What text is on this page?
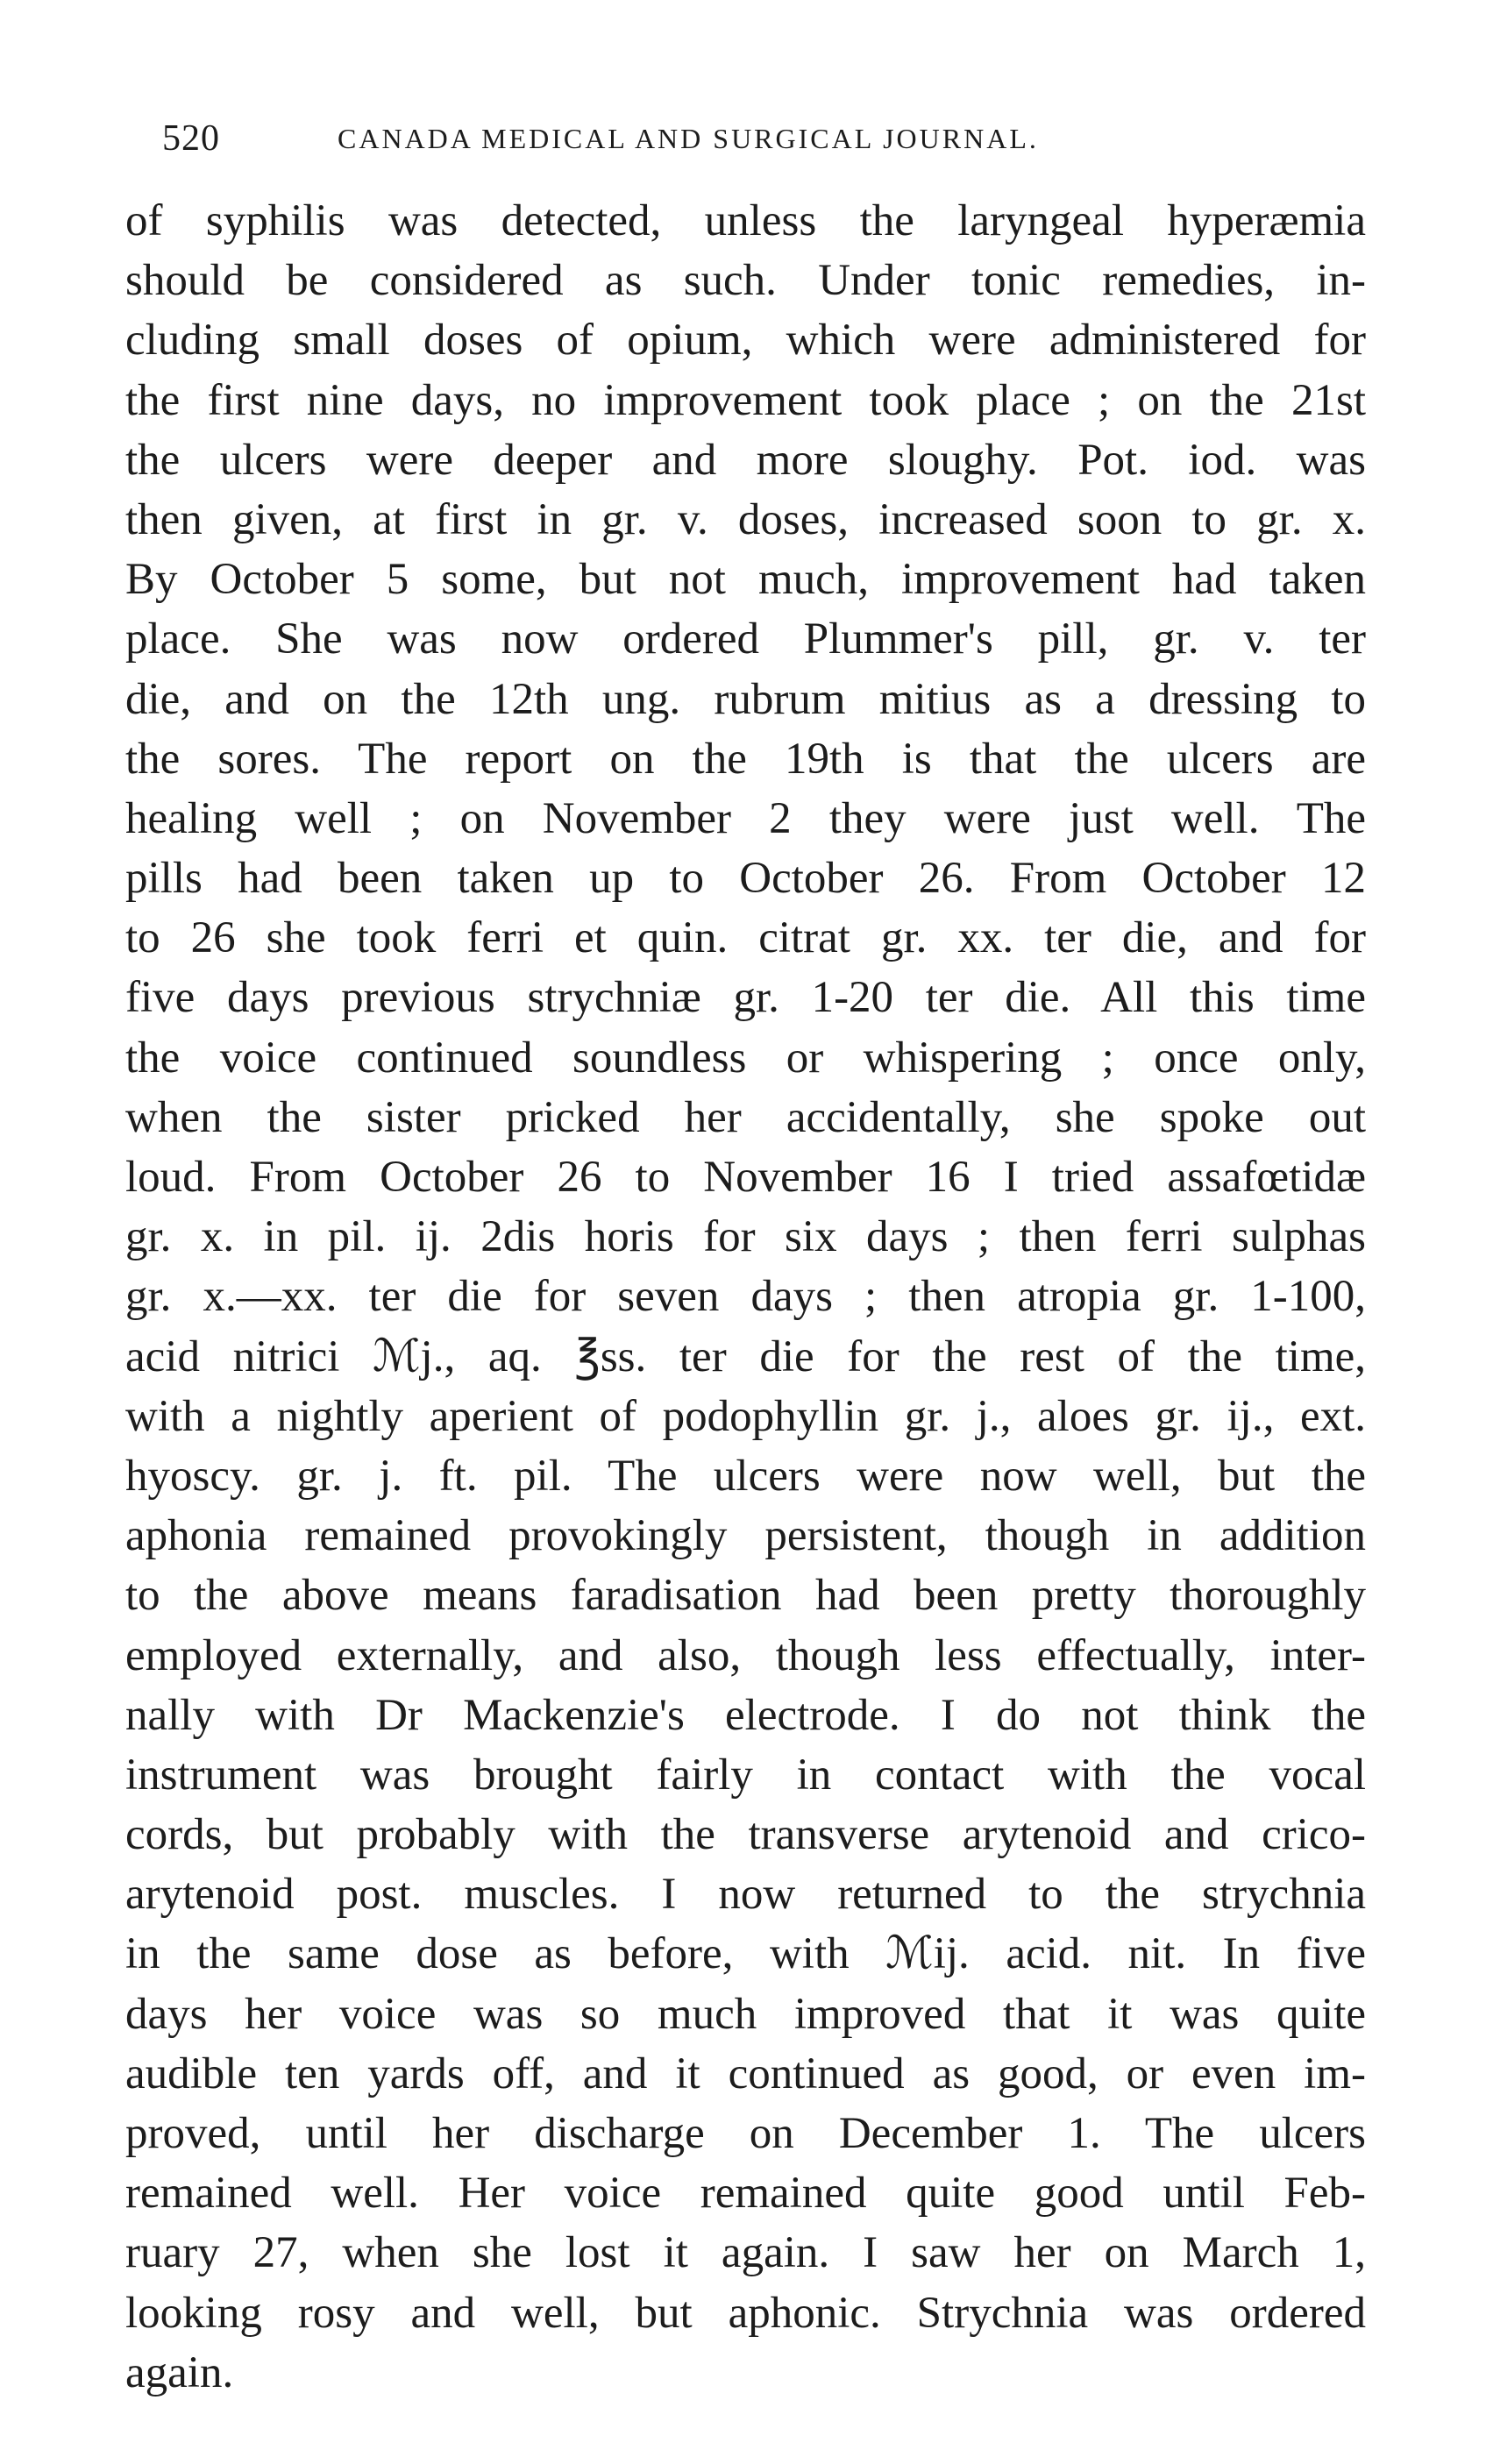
520	CANADA MEDICAL AND SURGICAL JOURNAL.
of syphilis was detected, unless the laryngeal hyperæmia
should be considered as such. Under tonic remedies, in-
cluding small doses of opium, which were administered for
the first nine days, no improvement took place ; on the 21st
the ulcers were deeper and more sloughy. Pot. iod. was
then given, at first in gr. v. doses, increased soon to gr. x.
By October 5 some, but not much, improvement had taken
place. She was now ordered Plummer's pill, gr. v. ter
die, and on the 12th ung. rubrum mitius as a dressing to
the sores. The report on the 19th is that the ulcers are
healing well ; on November 2 they were just well. The
pills had been taken up to October 26. From October 12
to 26 she took ferri et quin. citrat gr. xx. ter die, and for
five days previous strychniæ gr. 1-20 ter die. All this time
the voice continued soundless or whispering ; once only,
when the sister pricked her accidentally, she spoke out
loud. From October 26 to November 16 I tried assafœtidæ
gr. x. in pil. ij. 2dis horis for six days ; then ferri sulphas
gr. x.—xx. ter die for seven days ; then atropia gr. 1-100,
acid nitrici ℳj., aq. ℥ss. ter die for the rest of the time,
with a nightly aperient of podophyllin gr. j., aloes gr. ij., ext.
hyoscy. gr. j. ft. pil. The ulcers were now well, but the
aphonia remained provokingly persistent, though in addition
to the above means faradisation had been pretty thoroughly
employed externally, and also, though less effectually, inter-
nally with Dr Mackenzie's electrode. I do not think the
instrument was brought fairly in contact with the vocal
cords, but probably with the transverse arytenoid and crico-
arytenoid post. muscles. I now returned to the strychnia
in the same dose as before, with ℳij. acid. nit. In five
days her voice was so much improved that it was quite
audible ten yards off, and it continued as good, or even im-
proved, until her discharge on December 1. The ulcers
remained well. Her voice remained quite good until Feb-
ruary 27, when she lost it again. I saw her on March 1,
looking rosy and well, but aphonic. Strychnia was ordered
again.
